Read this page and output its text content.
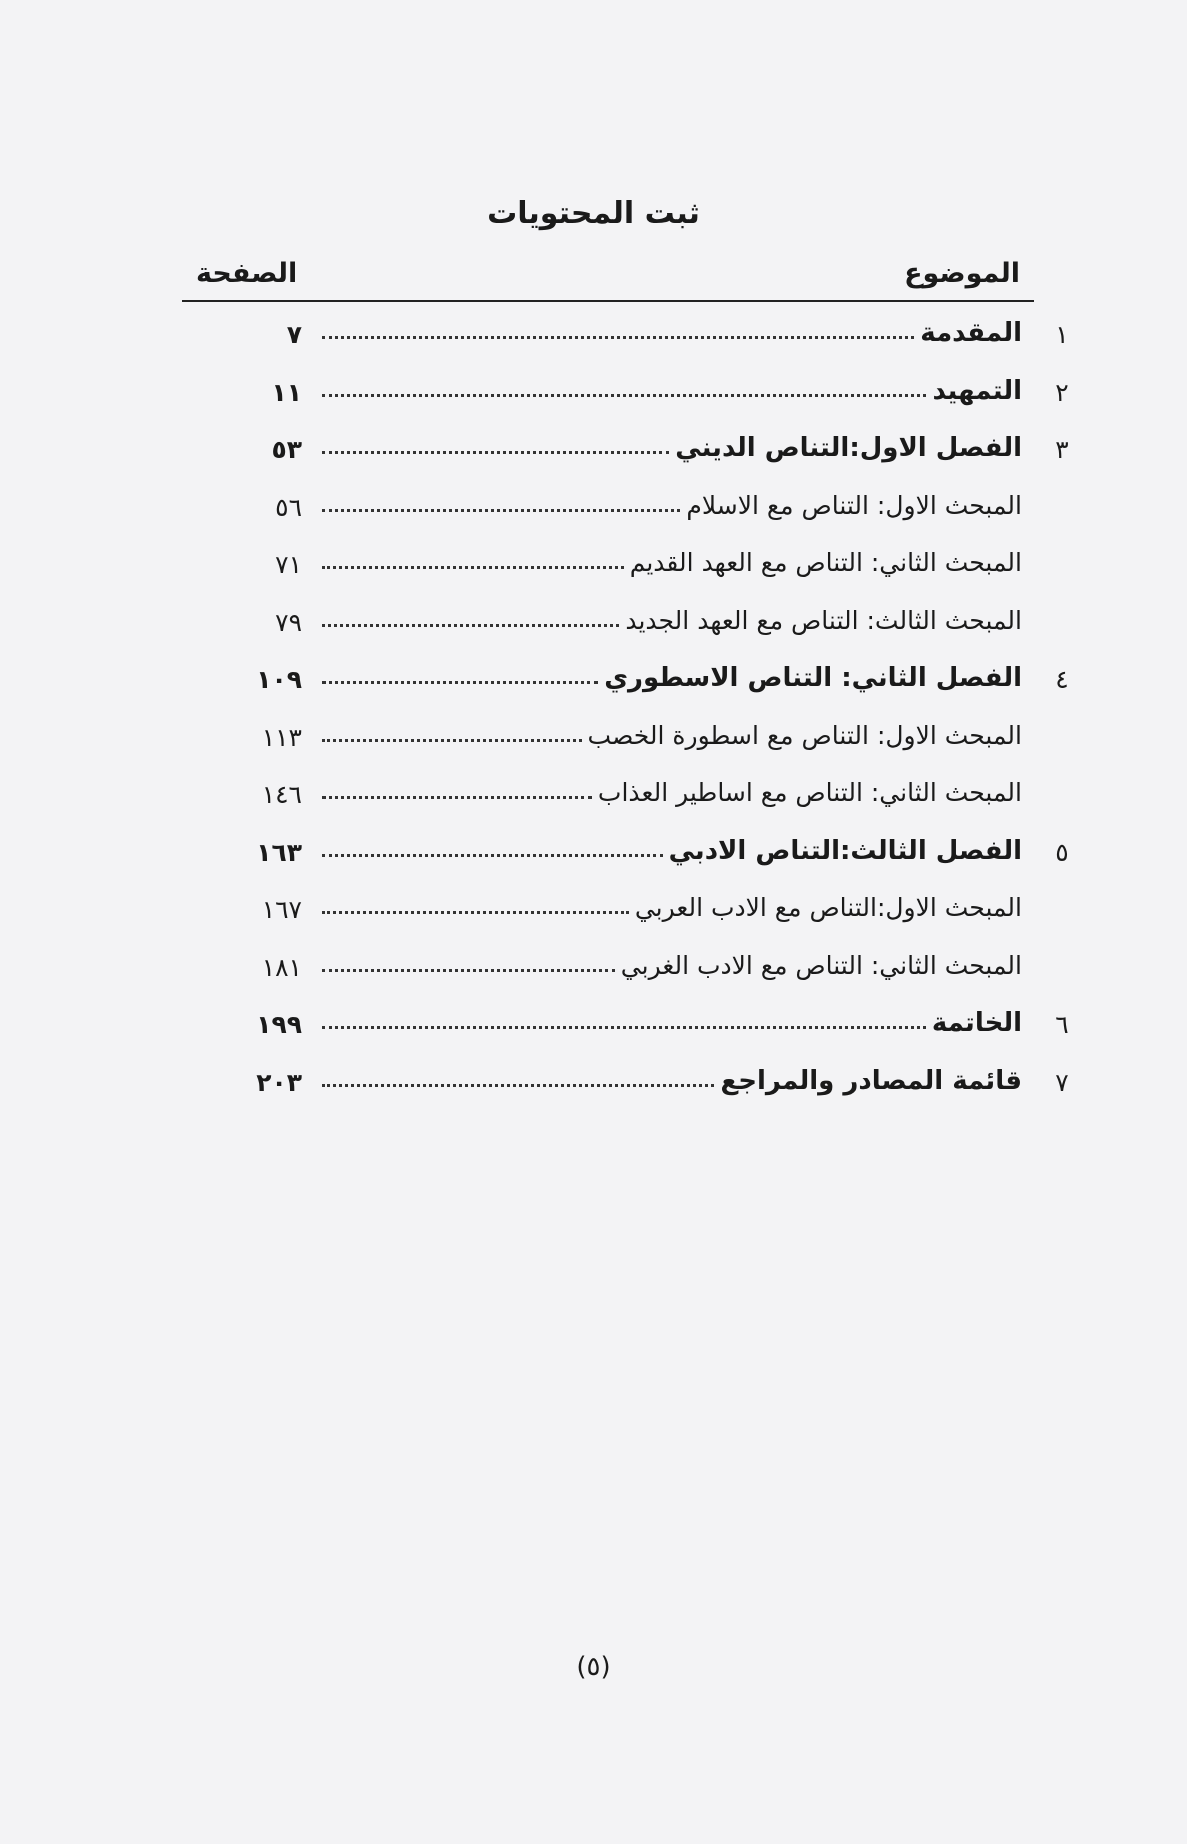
ثبت المحتويات
الموضوع
الصفحة
١
المقدمة
٧
٢
التمهيد
١١
٣
الفصل الاول:التناص الديني
٥٣
المبحث الاول: التناص مع الاسلام
٥٦
المبحث الثاني: التناص مع العهد القديم
٧١
المبحث الثالث: التناص مع العهد الجديد
٧٩
٤
الفصل الثاني: التناص الاسطوري
١٠٩
المبحث الاول: التناص مع اسطورة الخصب
١١٣
المبحث الثاني: التناص مع اساطير العذاب
١٤٦
٥
الفصل الثالث:التناص الادبي
١٦٣
المبحث الاول:التناص مع الادب العربي
١٦٧
المبحث الثاني: التناص مع الادب الغربي
١٨١
٦
الخاتمة
١٩٩
٧
قائمة المصادر والمراجع
٢٠٣
(٥)
